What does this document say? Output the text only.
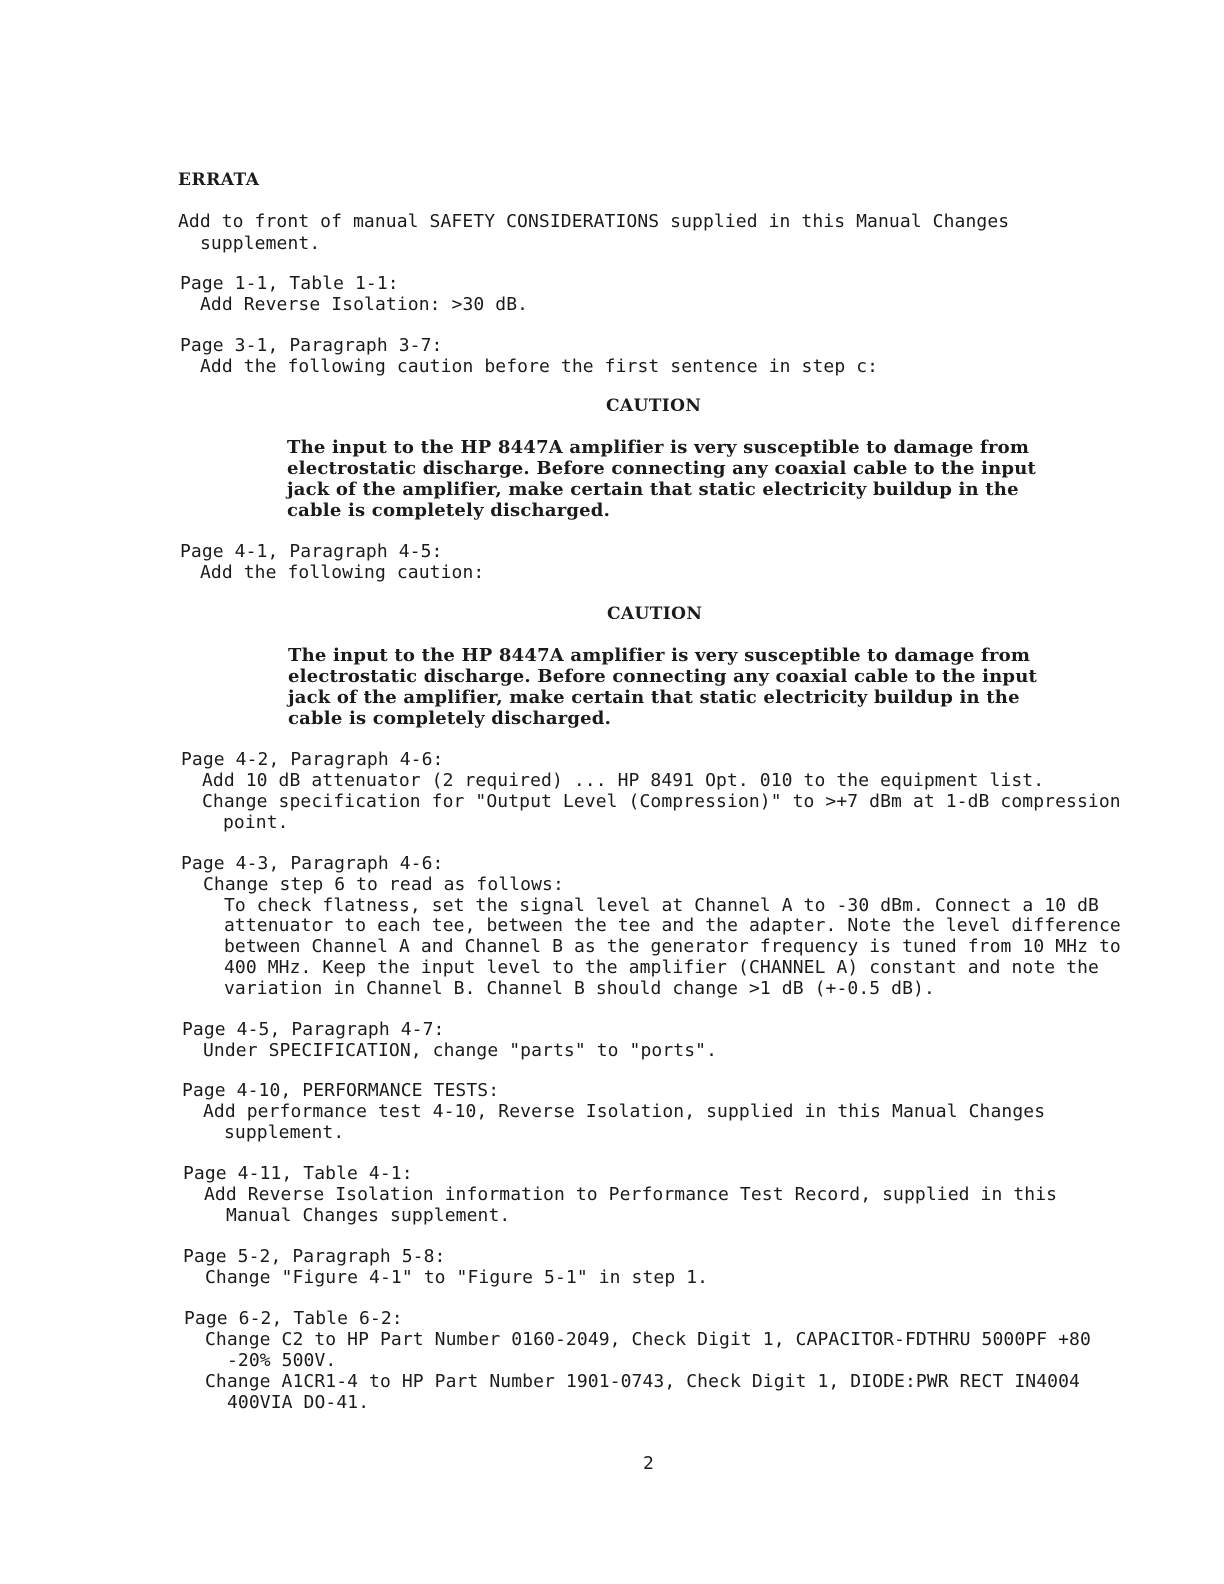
ERRATA
Add to front of manual SAFETY CONSIDERATIONS supplied in this Manual Changes
supplement.
Page 1-1, Table 1-1:
Add Reverse Isolation: >30 dB.
Page 3-1, Paragraph 3-7:
Add the following caution before the first sentence in step c:
CAUTION
The input to the HP 8447A amplifier is very susceptible to damage from
electrostatic discharge. Before connecting any coaxial cable to the input
jack of the amplifier, make certain that static electricity buildup in the
cable is completely discharged.
Page 4-1, Paragraph 4-5:
Add the following caution:
CAUTION
The input to the HP 8447A amplifier is very susceptible to damage from
electrostatic discharge. Before connecting any coaxial cable to the input
jack of the amplifier, make certain that static electricity buildup in the
cable is completely discharged.
Page 4-2, Paragraph 4-6:
Add 10 dB attenuator (2 required) ... HP 8491 Opt. 010 to the equipment list.
Change specification for "Output Level (Compression)" to >+7 dBm at 1-dB compression
point.
Page 4-3, Paragraph 4-6:
Change step 6 to read as follows:
To check flatness, set the signal level at Channel A to -30 dBm. Connect a 10 dB
attenuator to each tee, between the tee and the adapter. Note the level difference
between Channel A and Channel B as the generator frequency is tuned from 10 MHz to
400 MHz. Keep the input level to the amplifier (CHANNEL A) constant and note the
variation in Channel B. Channel B should change >1 dB (+-0.5 dB).
Page 4-5, Paragraph 4-7:
Under SPECIFICATION, change "parts" to "ports".
Page 4-10, PERFORMANCE TESTS:
Add performance test 4-10, Reverse Isolation, supplied in this Manual Changes
supplement.
Page 4-11, Table 4-1:
Add Reverse Isolation information to Performance Test Record, supplied in this
Manual Changes supplement.
Page 5-2, Paragraph 5-8:
Change "Figure 4-1" to "Figure 5-1" in step 1.
Page 6-2, Table 6-2:
Change C2 to HP Part Number 0160-2049, Check Digit 1, CAPACITOR-FDTHRU 5000PF +80
-20% 500V.
Change A1CR1-4 to HP Part Number 1901-0743, Check Digit 1, DIODE:PWR RECT IN4004
400VIA DO-41.
2
